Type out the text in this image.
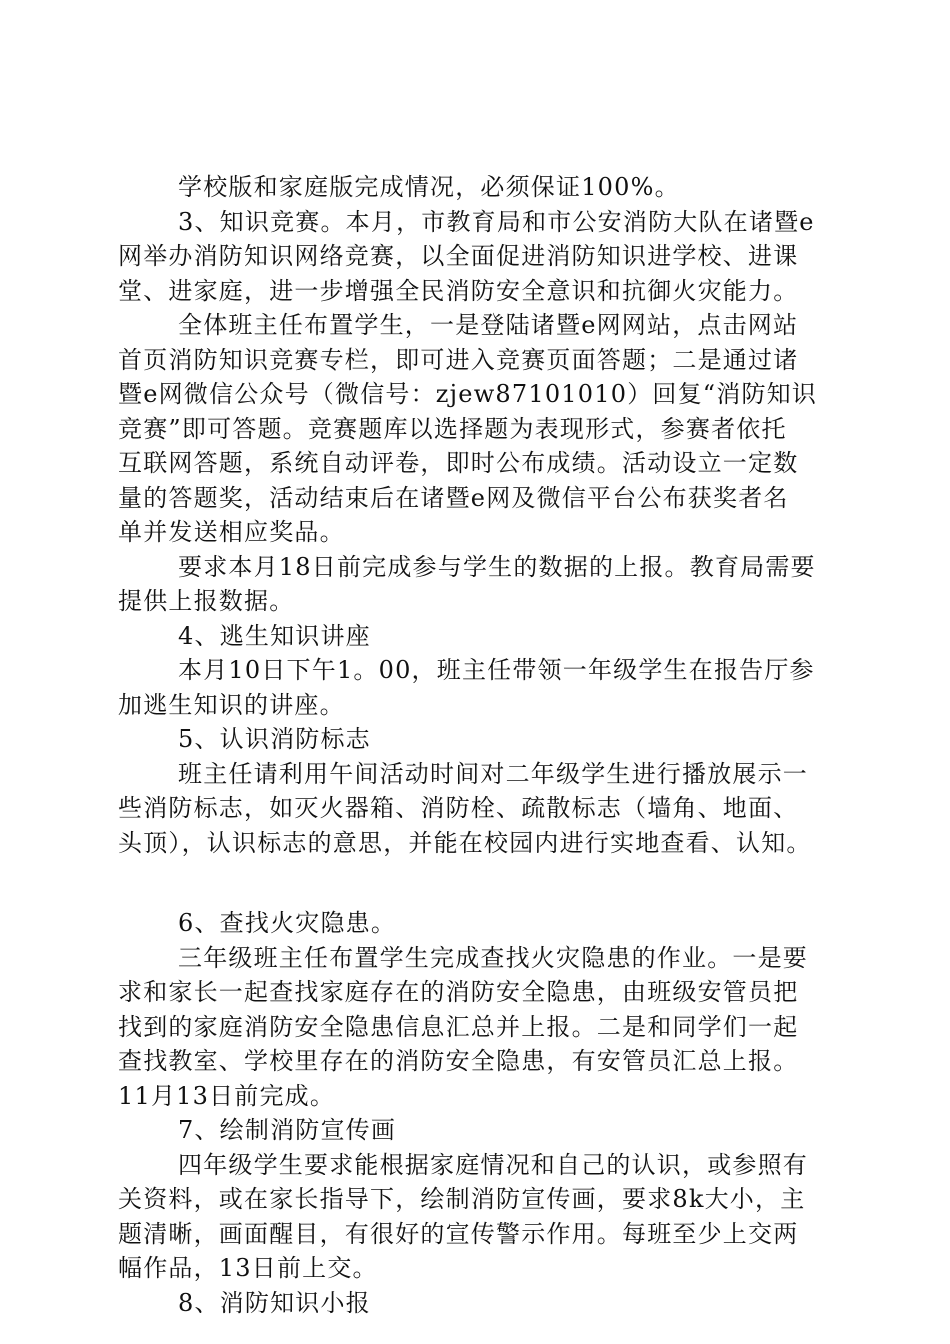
学校版和家庭版完成情况，必须保证100%。
3、知识竞赛。本月，市教育局和市公安消防大队在诸暨e
网举办消防知识网络竞赛，以全面促进消防知识进学校、进课
堂、进家庭，进一步增强全民消防安全意识和抗御火灾能力。
全体班主任布置学生，一是登陆诸暨e网网站，点击网站
首页消防知识竞赛专栏，即可进入竞赛页面答题；二是通过诸
暨e网微信公众号（微信号：zjew87101010）回复“消防知识
竞赛”即可答题。竞赛题库以选择题为表现形式，参赛者依托
互联网答题，系统自动评卷，即时公布成绩。活动设立一定数
量的答题奖，活动结束后在诸暨e网及微信平台公布获奖者名
单并发送相应奖品。
要求本月18日前完成参与学生的数据的上报。教育局需要
提供上报数据。
4、逃生知识讲座
本月10日下午1。00，班主任带领一年级学生在报告厅参
加逃生知识的讲座。
5、认识消防标志
班主任请利用午间活动时间对二年级学生进行播放展示一
些消防标志，如灭火器箱、消防栓、疏散标志（墙角、地面、
头顶），认识标志的意思，并能在校园内进行实地查看、认知。
6、查找火灾隐患。
三年级班主任布置学生完成查找火灾隐患的作业。一是要
求和家长一起查找家庭存在的消防安全隐患，由班级安管员把
找到的家庭消防安全隐患信息汇总并上报。二是和同学们一起
查找教室、学校里存在的消防安全隐患，有安管员汇总上报。
11月13日前完成。
7、绘制消防宣传画
四年级学生要求能根据家庭情况和自己的认识，或参照有
关资料，或在家长指导下，绘制消防宣传画，要求8k大小，主
题清晰，画面醒目，有很好的宣传警示作用。每班至少上交两
幅作品，13日前上交。
8、消防知识小报
